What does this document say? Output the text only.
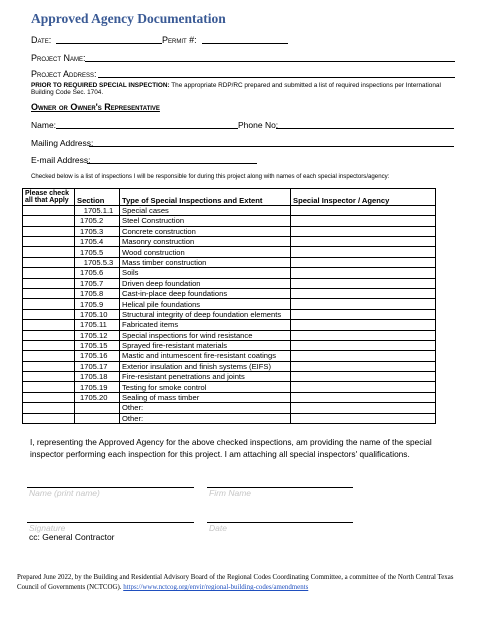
Approved Agency Documentation
Date:	Permit #:
Project Name:
Project Address:
PRIOR TO REQUIRED SPECIAL INSPECTION: The appropriate RDP/RC prepared and submitted a list of required inspections per International Building Code Sec. 1704.
Owner or Owner's Representative
Name:	Phone No:
Mailing Address:
E-mail Address:
Checked below is a list of inspections I will be responsible for during this project along with names of each special inspectors/agency:
Please check all that Apply	Section	Type of Special Inspections and Extent	Special Inspector / Agency
	1705.1.1	Special cases	
	1705.2	Steel Construction	
	1705.3	Concrete construction	
	1705.4	Masonry construction	
	1705.5	Wood construction	
	1705.5.3	Mass timber construction	
	1705.6	Soils	
	1705.7	Driven deep foundation	
	1705.8	Cast-in-place deep foundations	
	1705.9	Helical pile foundations	
	1705.10	Structural integrity of deep foundation elements	
	1705.11	Fabricated items	
	1705.12	Special inspections for wind resistance	
	1705.15	Sprayed fire-resistant materials	
	1705.16	Mastic and intumescent fire-resistant coatings	
	1705.17	Exterior insulation and finish systems (EIFS)	
	1705.18	Fire-resistant penetrations and joints	
	1705.19	Testing for smoke control	
	1705.20	Sealing of mass timber	
		Other:	
		Other:	
I, representing the Approved Agency for the above checked inspections, am providing the name of the special inspector performing each inspection for this project. I am attaching all special inspectors' qualifications.
Name (print name)	Firm Name
Signature	Date
cc: General Contractor
Prepared June 2022, by the Building and Residential Advisory Board of the Regional Codes Coordinating Committee, a committee of the North Central Texas Council of Governments (NCTCOG). https://www.nctcog.org/envir/regional-building-codes/amendments
